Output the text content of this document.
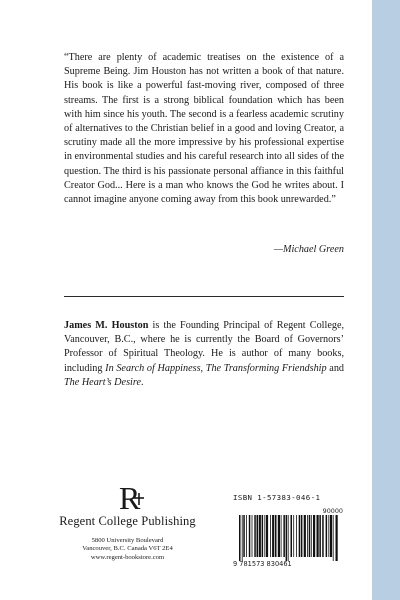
“There are plenty of academic treatises on the existence of a Supreme Being. Jim Houston has not written a book of that nature. His book is like a powerful fast-moving river, composed of three streams. The first is a strong biblical foundation which has been with him since his youth. The second is a fearless academic scrutiny of alternatives to the Christian belief in a good and loving Creator, a scrutiny made all the more impressive by his professional expertise in environmental studies and his careful research into all sides of the question. The third is his passionate personal affiance in this faithful Creator God... Here is a man who knows the God he writes about. I cannot imagine anyone coming away from this book unrewarded.”

—Michael Green

James M. Houston is the Founding Principal of Regent College, Vancouver, B.C., where he is currently the Board of Governors’ Professor of Spiritual Theology. He is author of many books, including In Search of Happiness, The Transforming Friendship and The Heart’s Desire.

R
Regent College Publishing
5800 University Boulevard
Vancouver, B.C. Canada V6T 2E4
www.regent-bookstore.com
ISBN 1-57383-046-1
90000
9 781573 830461
